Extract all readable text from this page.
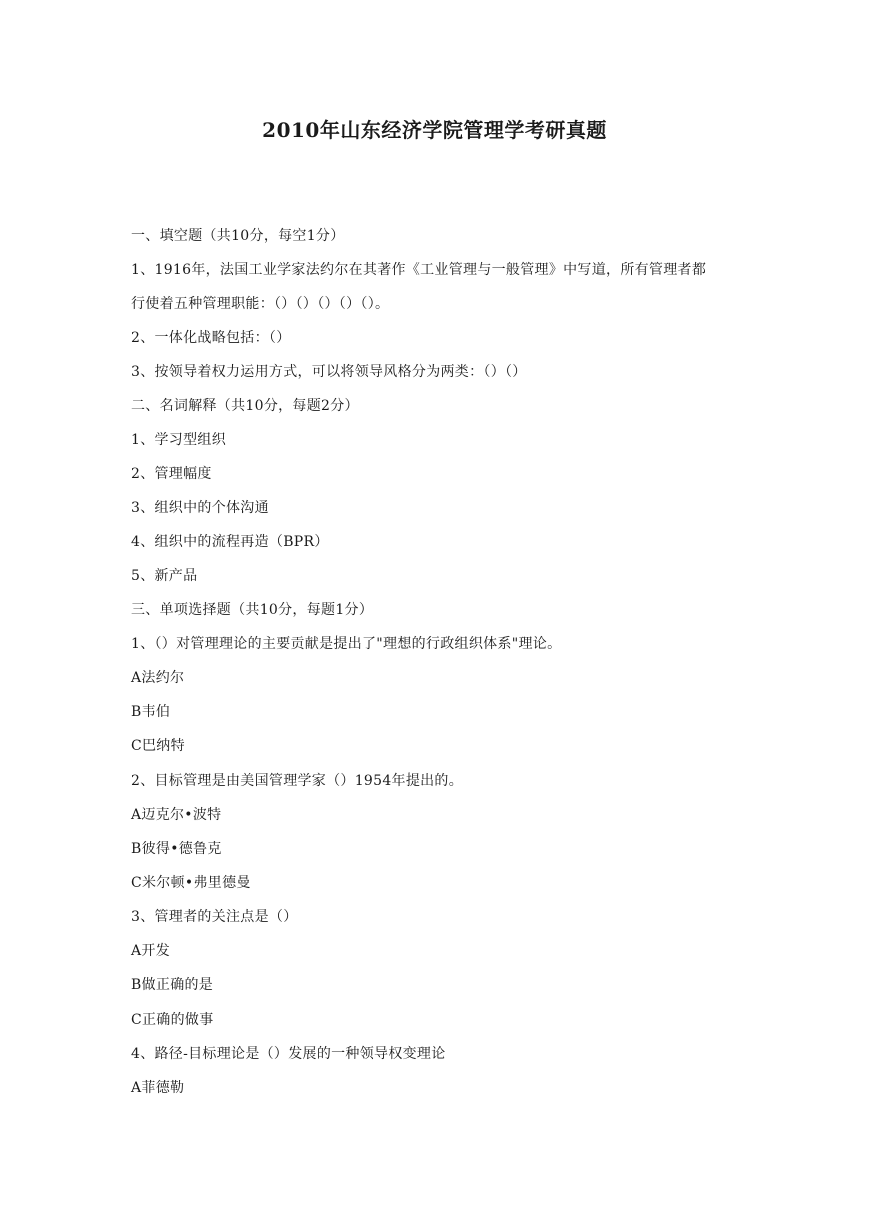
2010年山东经济学院管理学考研真题
一、填空题（共10分，每空1分）
1、1916年，法国工业学家法约尔在其著作《工业管理与一般管理》中写道，所有管理者都
行使着五种管理职能：（）（）（）（）（）。
2、一体化战略包括：（）
3、按领导着权力运用方式，可以将领导风格分为两类：（）（）
二、名词解释（共10分，每题2分）
1、学习型组织
2、管理幅度
3、组织中的个体沟通
4、组织中的流程再造（BPR）
5、新产品
三、单项选择题（共10分，每题1分）
1、（）对管理理论的主要贡献是提出了"理想的行政组织体系"理论。
A法约尔
B韦伯
C巴纳特
2、目标管理是由美国管理学家（）1954年提出的。
A迈克尔•波特
B彼得•德鲁克
C米尔顿•弗里德曼
3、管理者的关注点是（）
A开发
B做正确的是
C正确的做事
4、路径-目标理论是（）发展的一种领导权变理论
A菲德勒
